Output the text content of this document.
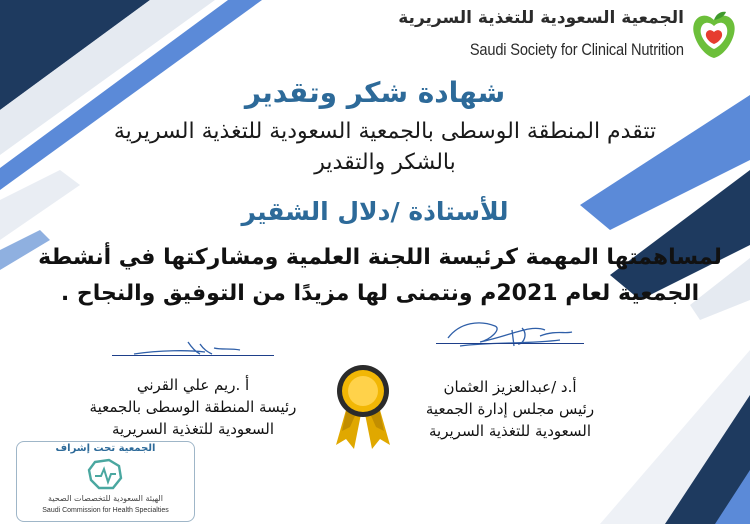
الجمعية السعودية للتغذية السريرية
Saudi Society for Clinical Nutrition
شهادة شكر وتقدير
تتقدم المنطقة الوسطى بالجمعية السعودية للتغذية السريرية
بالشكر والتقدير
للأستاذة /دلال الشقير
لمساهمتها المهمة كرئيسة اللجنة العلمية ومشاركتها في أنشطة
الجمعية لعام 2021م ونتمنى لها مزيدًا من التوفيق والنجاح .
أ.د /عبدالعزيز العثمان
رئيس مجلس إدارة الجمعية
السعودية للتغذية السريرية
أ .ريم علي القرني
رئيسة المنطقة الوسطى بالجمعية
السعودية للتغذية السريرية
الجمعية تحت إشراف
الهيئة السعودية للتخصصات الصحية
Saudi Commission for Health Specialties
